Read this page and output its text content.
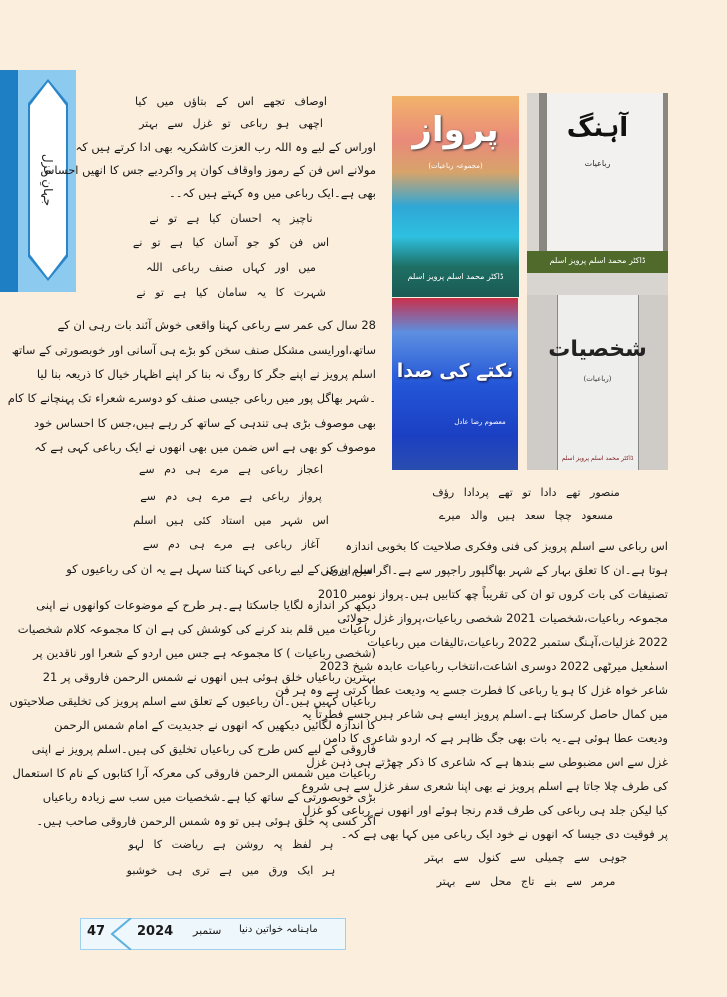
جہانِ غزل
اوصاف تجھے اس کے بتاؤں میں کیا
اچھی ہو رباعی تو غزل سے بہتر
اوراس کے لیے وہ اللہ رب العزت کاشکریہ بھی ادا کرتے ہیں کہ
مولانے اس فن کے رموز واوقاف کوان پر واکردیے جس کا انھیں احساس
بھی ہے۔ایک رباعی میں وہ کہتے ہیں کہ۔۔
ناچیز پہ احسان کیا ہے تو نے
اس فن کو جو آسان کیا ہے تو نے
میں اور کہاں صنف رباعی اللہ
شہرت کا یہ سامان کیا ہے تو نے
28 سال کی عمر سے رباعی کہنا واقعی خوش آئند بات رہی ان کے
ساتھ،اورایسی مشکل صنف سخن کو بڑے ہی آسانی اور خوبصورتی کے ساتھ
اسلم پرویز نے اپنے جگر کا روگ نہ بنا کر اپنے اظہار خیال کا ذریعہ بنا لیا
۔شہر بھاگل پور میں رباعی جیسی صنف کو دوسرے شعراء تک پہنچانے کا کام
بھی موصوف بڑی ہی تندہی کے ساتھ کر رہے ہیں،جس کا احساس خود
موصوف کو بھی ہے اس ضمن میں بھی انھوں نے ایک رباعی کہی ہے کہ
اعجاز رباعی ہے مرے ہی دم سے
پرواز رباعی ہے مرے ہی دم سے
اس شہر میں استاد کئی ہیں اسلم
آغاز رباعی ہے مرے ہی دم سے
اسلم پرویز کے لیے رباعی کہنا کتنا سہل ہے یہ ان کی رباعیوں کو
دیکھ کر اندازہ لگایا جاسکتا ہے۔ہر طرح کے موضوعات کوانھوں نے اپنی
رباعیات میں قلم بند کرنے کی کوشش کی ہے ان کا مجموعہ کلام شخصیات
(شخصی رباعیات ) کا مجموعہ ہے جس میں اردو کے شعرا اور ناقدین پر
بہترین رباعیاں خلق ہوئی ہیں انھوں نے شمس الرحمن فاروقی پر 21
رباعیاں کہیں ہیں۔ان رباعیوں کے تعلق سے اسلم پرویز کی تخلیقی صلاحیتوں
کا اندازہ لگائیں دیکھیں کہ انھوں نے جدیدیت کے امام شمس الرحمن
فاروقی کے لیے کس طرح کی رباعیاں تخلیق کی ہیں۔اسلم پرویز نے اپنی
رباعیات میں شمس الرحمن فاروقی کی معرکہ آرا کتابوں کے نام کا استعمال
بڑی خوبصورتی کے ساتھ کیا ہے۔شخصیات میں سب سے زیادہ رباعیاں
اگر کسی پہ خلق ہوئی ہیں تو وہ شمس الرحمن فاروقی صاحب ہیں۔
ہر لفظ پہ روشن ہے ریاضت کا لہو
ہر ایک ورق میں ہے تری ہی خوشبو
منصور تھے دادا تو تھے پردادا رؤف
مسعود چچا سعد ہیں والد میرے
اس رباعی سے اسلم پرویز کی فنی وفکری صلاحیت کا بخوبی اندازہ
ہوتا ہے۔ان کا تعلق بہار کے شہر بھاگلپور راجپور سے ہے۔اگر میں ان کی
تصنیفات کی بات کروں تو ان کی تقریباً چھ کتابیں ہیں۔پرواز نومبر 2010
مجموعہ رباعیات،شخصیات 2021 شخصی رباعیات،پرواز غزل جولائی
2022 غزلیات،آہنگ ستمبر 2022 رباعیات،تالیفات میں رباعیات
اسمٰعیل میرٹھی 2022 دوسری اشاعت،انتخاب رباعیات عابدہ شیخ 2023
شاعر خواہ غزل کا ہو یا رباعی کا فطرت جسے یہ ودیعت عطا کرتی ہے وہ ہر فن
میں کمال حاصل کرسکتا ہے۔اسلم پرویز ایسے ہی شاعر ہیں جسے فطرتاً یہ
ودیعت عطا ہوئی ہے۔یہ بات بھی جگ ظاہر ہے کہ اردو شاعری کا دامن
غزل سے اس مضبوطی سے بندھا ہے کہ شاعری کا ذکر چھڑتے ہی ذہن غزل
کی طرف چلا جاتا ہے اسلم پرویز نے بھی اپنا شعری سفر غزل سے ہی شروع
کیا لیکن جلد ہی رباعی کی طرف قدم رنجا ہوئے اور انھوں نے رباعی کو غزل
پر فوقیت دی جیسا کہ انھوں نے خود ایک رباعی میں کہا بھی ہے کہ۔
جوہی سے چمیلی سے کنول سے بہتر
مرمر سے بنے تاج محل سے بہتر
پرواز
(مجموعہ رباعیات)
ڈاکٹر محمد اسلم پرویز اسلم
آہنگ
رباعیات
ڈاکٹر محمد اسلم پرویز اسلم
نکتے کی صدا
معصوم رضا عادل
شخصیات
(رباعیات)
ڈاکٹر محمد اسلم پرویز اسلم
47 2024 ستمبر ماہنامہ خواتین دنیا
